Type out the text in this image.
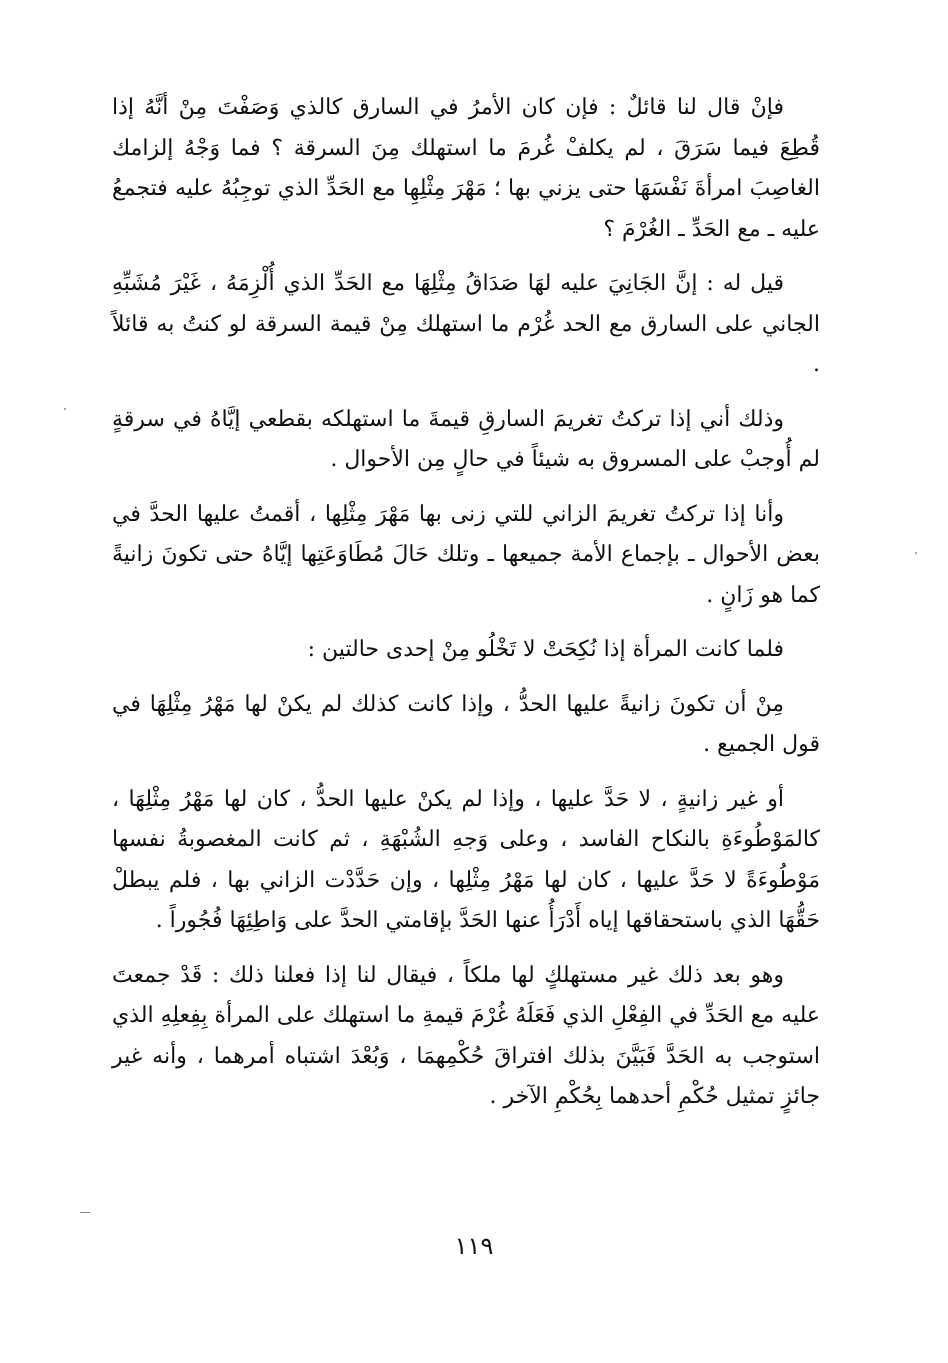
فإنْ قال لنا قائلٌ : فإن كان الأمرُ في السارق كالذي وَصَفْتَ مِنْ أنَّهُ إذا قُطِعَ فيما سَرَقَ ، لم يكلفْ غُرمَ ما استهلك مِنَ السرقة ؟ فما وَجْهُ إلزامك الغاصِبَ امرأةَ نَفْسَهَا حتى يزني بها ؛ مَهْرَ مِثْلِهِا مع الحَدِّ الذي توجِبُهُ عليه فتجمعُ عليه ـ مع الحَدِّ ـ الغُرْمَ ؟

قيل له : إنَّ الجَانِيَ عليه لهَا صَدَاقُ مِثْلِهَا مع الحَدِّ الذي أُلْزِمَهُ ، غَيْرَ مُشَبِّهِ الجاني على السارق مع الحد غُرْم ما استهلك مِنْ قيمة السرقة لو كنتُ به قائلاً .

وذلك أني إذا تركتُ تغريمَ السارقِ قيمةَ ما استهلكه بقطعي إيَّاهُ في سرقةٍ لم أُوجبْ على المسروق به شيئاً في حالٍ مِن الأحوال .

وأنا إذا تركتُ تغريمَ الزاني للتي زنى بها مَهْرَ مِثْلِها ، أقمتُ عليها الحدَّ في بعض الأحوال ـ بإجماع الأمة جميعها ـ وتلك حَالَ مُطَاوَعَتِها إيَّاهُ حتى تكونَ زانيةً كما هو زَانٍ .

فلما كانت المرأة إذا نُكِحَتْ لا تَخْلُو مِنْ إحدى حالتين :

مِنْ أن تكونَ زانيةً عليها الحدُّ ، وإذا كانت كذلك لم يكنْ لها مَهْرُ مِثْلِهَا في قول الجميع .

أو غير زانيةٍ ، لا حَدَّ عليها ، وإذا لم يكنْ عليها الحدُّ ، كان لها مَهْرُ مِثْلِهَا ، كالمَوْطُوءَةِ بالنكاح الفاسد ، وعلى وَجهِ الشُبْهَةِ ، ثم كانت المغصوبةُ نفسها مَوْطُوءَةً لا حَدَّ عليها ، كان لها مَهْرُ مِثْلِها ، وإن حَدَّدْت الزاني بها ، فلم يبطلْ حَقُّهَا الذي باستحقاقها إياه أَدْرَأُ عنها الحَدَّ بإقامتي الحدَّ على وَاطِئِهَا فُجُوراً .

وهو بعد ذلك غير مستهلكٍ لها ملكاً ، فيقال لنا إذا فعلنا ذلك : قَدْ جمعتَ عليه مع الحَدِّ في الفِعْلِ الذي فَعَلَهُ غُرْمَ قيمةِ ما استهلك على المرأة بِفِعلِهِ الذي استوجب به الحَدَّ فَبَيَّنَ بذلك افتراقَ حُكْمِهمَا ، وَبُعْدَ اشتباه أمرهما ، وأنه غير جائزٍ تمثيل حُكْمِ أحدهما بِحُكْمِ الآخر .

١١٩
